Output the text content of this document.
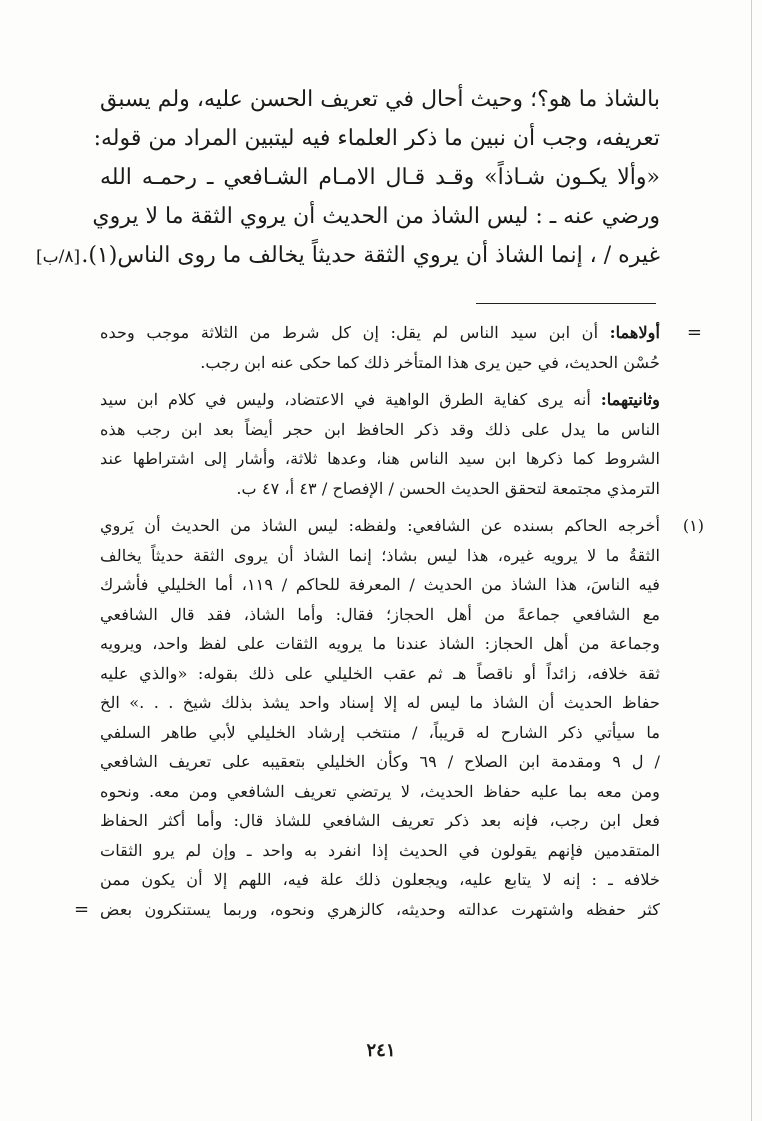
بالشاذ ما هو؟؛ وحيث أحال في تعريف الحسن عليه، ولم يسبق
تعريفه، وجب أن نبين ما ذكر العلماء فيه ليتبين المراد من قوله:
«وألا يكـون شـاذاً» وقـد قـال الامـام الشـافعي ـ رحمـه الله
ورضي عنه ـ : ليس الشاذ من الحديث أن يروي الثقة ما لا يروي
غيره / ، إنما الشاذ أن يروي الثقة حديثاً يخالف ما روى الناس(١).
[٨/ب]
=
أولاهما: أن ابن سيد الناس لم يقل: إن كل شرط من الثلاثة موجب وحده
حُسْن الحديث، في حين يرى هذا المتأخر ذلك كما حكى عنه ابن رجب.
وثانيتهما: أنه يرى كفاية الطرق الواهية في الاعتضاد، وليس في كلام ابن سيد
الناس ما يدل على ذلك وقد ذكر الحافظ ابن حجر أيضاً بعد ابن رجب هذه
الشروط كما ذكرها ابن سيد الناس هنا، وعدها ثلاثة، وأشار إلى اشتراطها عند
الترمذي مجتمعة لتحقق الحديث الحسن / الإفصاح / ٤٣ أ، ٤٧ ب.
(١)
أخرجه الحاكم بسنده عن الشافعي: ولفظه: ليس الشاذ من الحديث أن يَروي
الثقةُ ما لا يرويه غيره، هذا ليس بشاذ؛ إنما الشاذ أن يروى الثقة حديثاً يخالف
فيه الناسَ، هذا الشاذ من الحديث / المعرفة للحاكم / ١١٩، أما الخليلي فأشرك
مع الشافعي جماعةً من أهل الحجاز؛ فقال: وأما الشاذ، فقد قال الشافعي
وجماعة من أهل الحجاز: الشاذ عندنا ما يرويه الثقات على لفظ واحد، ويرويه
ثقة خلافه، زائداً أو ناقصاً هـ ثم عقب الخليلي على ذلك بقوله: «والذي عليه
حفاظ الحديث أن الشاذ ما ليس له إلا إسناد واحد يشذ بذلك شيخ . . .» الخ
ما سيأتي ذكر الشارح له قريباً، / منتخب إرشاد الخليلي لأبي طاهر السلفي
/ ل ٩ ومقدمة ابن الصلاح / ٦٩ وكأن الخليلي بتعقيبه على تعريف الشافعي
ومن معه بما عليه حفاظ الحديث، لا يرتضي تعريف الشافعي ومن معه. ونحوه
فعل ابن رجب، فإنه بعد ذكر تعريف الشافعي للشاذ قال: وأما أكثر الحفاظ
المتقدمين فإنهم يقولون في الحديث إذا انفرد به واحد ـ وإن لم يرو الثقات
خلافه ـ : إنه لا يتابع عليه، ويجعلون ذلك علة فيه، اللهم إلا أن يكون ممن
كثر حفظه واشتهرت عدالته وحديثه، كالزهري ونحوه، وربما يستنكرون بعض
=
٢٤١
